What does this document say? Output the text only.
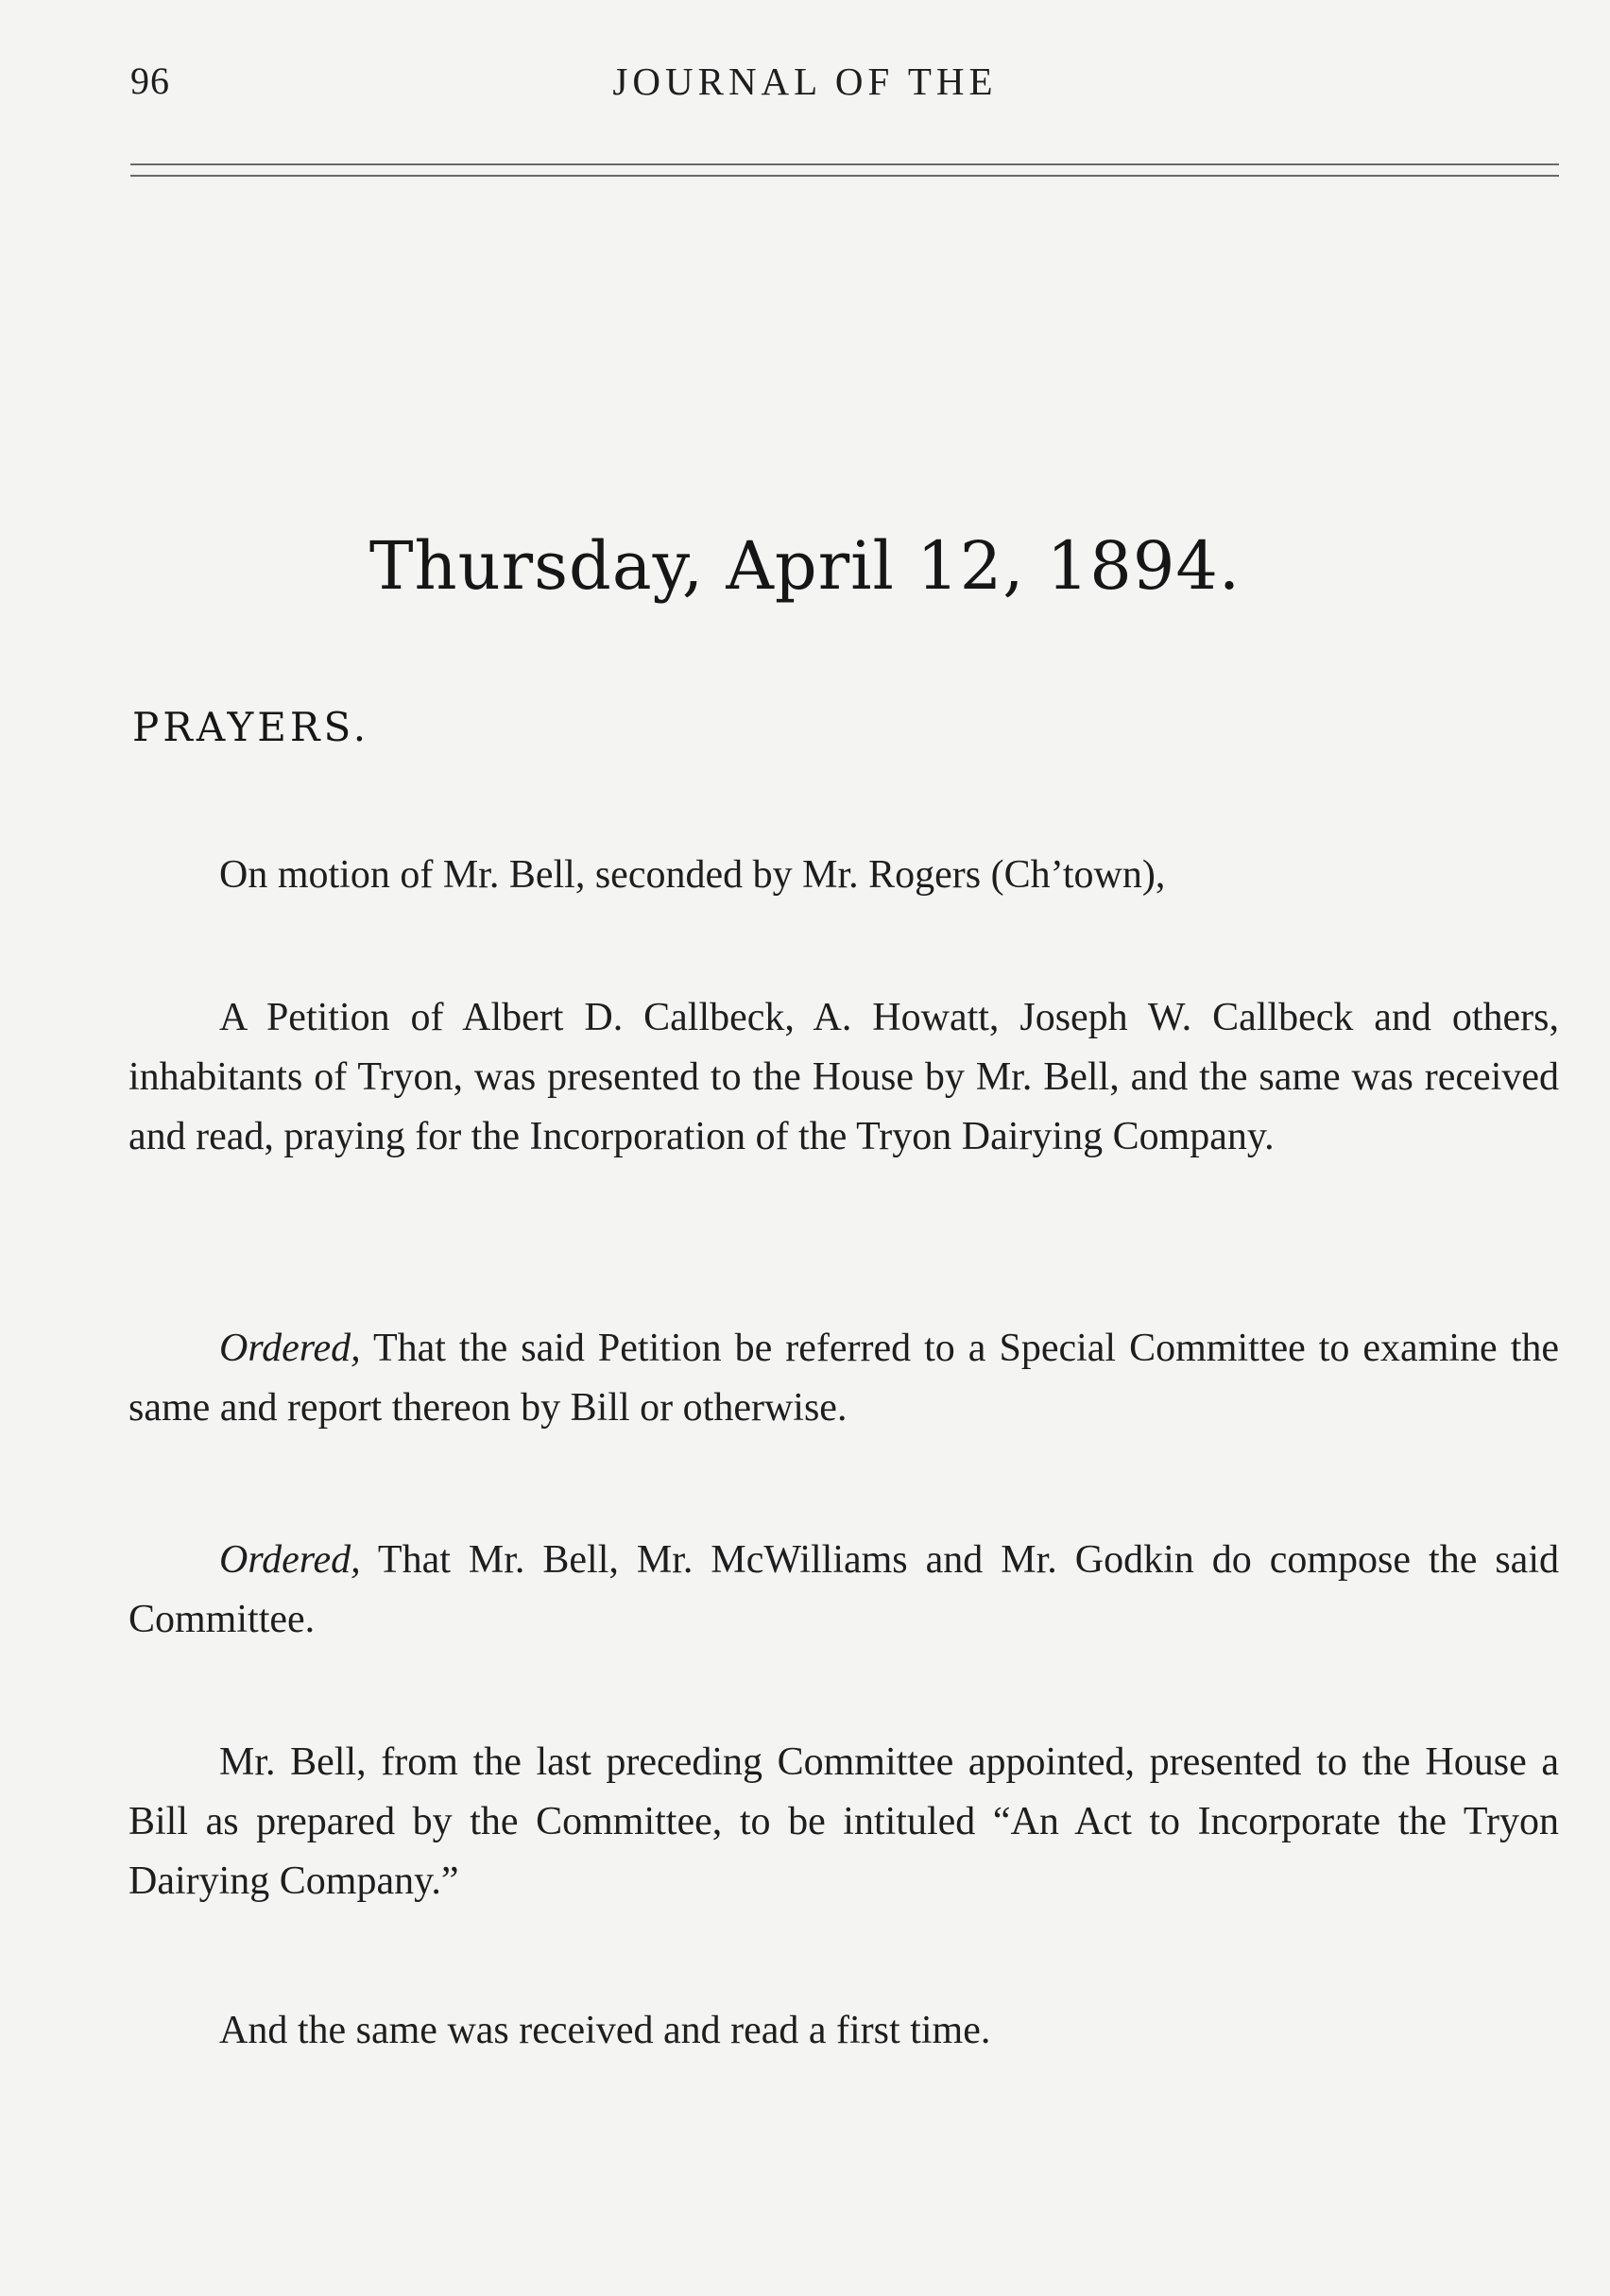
96	JOURNAL OF THE
Thursday, April 12, 1894.
PRAYERS.

On motion of Mr. Bell, seconded by Mr. Rogers (Ch’town),

A Petition of Albert D. Callbeck, A. Howatt, Joseph W. Callbeck and others, inhabitants of Tryon, was presented to the House by Mr. Bell, and the same was received and read, praying for the Incorporation of the Tryon Dairying Company.

Ordered, That the said Petition be referred to a Special Committee to examine the same and report thereon by Bill or otherwise.

Ordered, That Mr. Bell, Mr. McWilliams and Mr. Godkin do compose the said Committee.

Mr. Bell, from the last preceding Committee appointed, presented to the House a Bill as prepared by the Committee, to be intituled “An Act to Incorporate the Tryon Dairying Company.”

And the same was received and read a first time.
